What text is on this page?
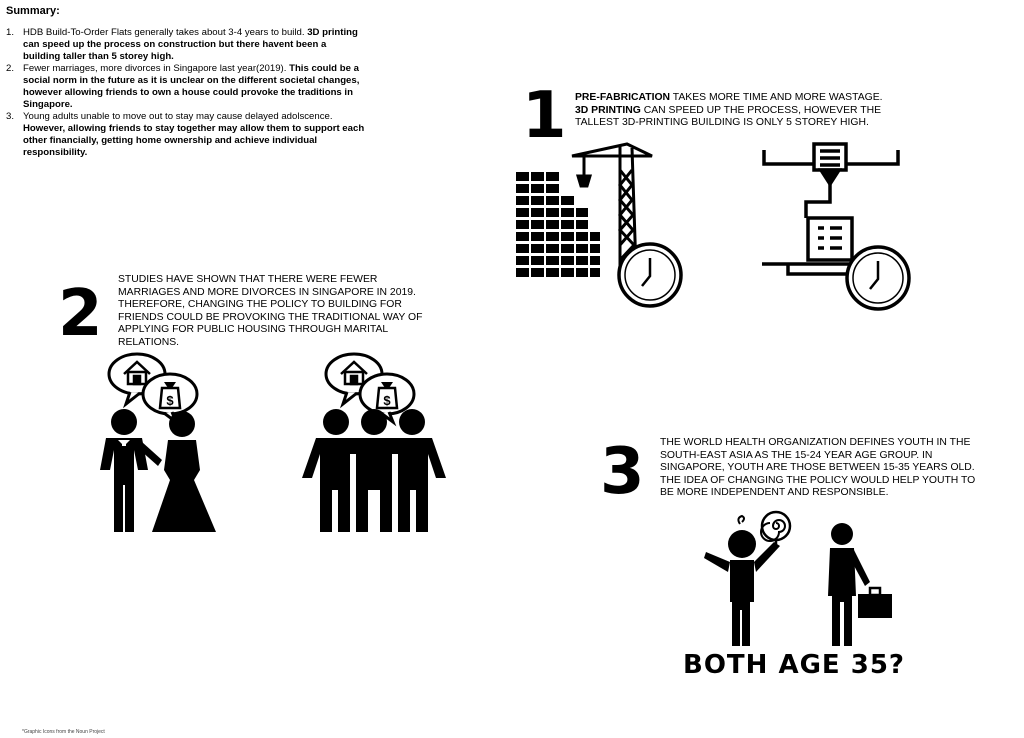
Summary:
1. HDB Build-To-Order Flats generally takes about 3-4 years to build. 3D printing can speed up the process on construction but there havent been a building taller than 5 storey high.
2. Fewer marriages, more divorces in Singapore last year(2019). This could be a social norm in the future as it is unclear on the different societal changes, however allowing friends to own a house could provoke the traditions in Singapore.
3. Young adults unable to move out to stay may cause delayed adolscence. However, allowing friends to stay together may allow them to support each other financially, getting home ownership and achieve individual responsibility.	1 PRE-FABRICATION TAKES MORE TIME AND MORE WASTAGE.
3D PRINTING CAN SPEED UP THE PROCESS, HOWEVER THE TALLEST 3D-PRINTING BUILDING IS ONLY 5 STOREY HIGH.
2 STUDIES HAVE SHOWN THAT THERE WERE FEWER MARRIAGES AND MORE DIVORCES IN SINGAPORE IN 2019. THEREFORE, CHANGING THE POLICY TO BUILDING FOR FRIENDS COULD BE PROVOKING THE TRADITIONAL WAY OF APPLYING FOR PUBLIC HOUSING THROUGH MARITAL RELATIONS.
$	$
3 THE WORLD HEALTH ORGANIZATION DEFINES YOUTH IN THE SOUTH-EAST ASIA AS THE 15-24 YEAR AGE GROUP. IN SINGAPORE, YOUTH ARE THOSE BETWEEN 15-35 YEARS OLD. THE IDEA OF CHANGING THE POLICY WOULD HELP YOUTH TO BE MORE INDEPENDENT AND RESPONSIBLE.
BOTH AGE 35?
*Graphic Icons from the Noun Project
